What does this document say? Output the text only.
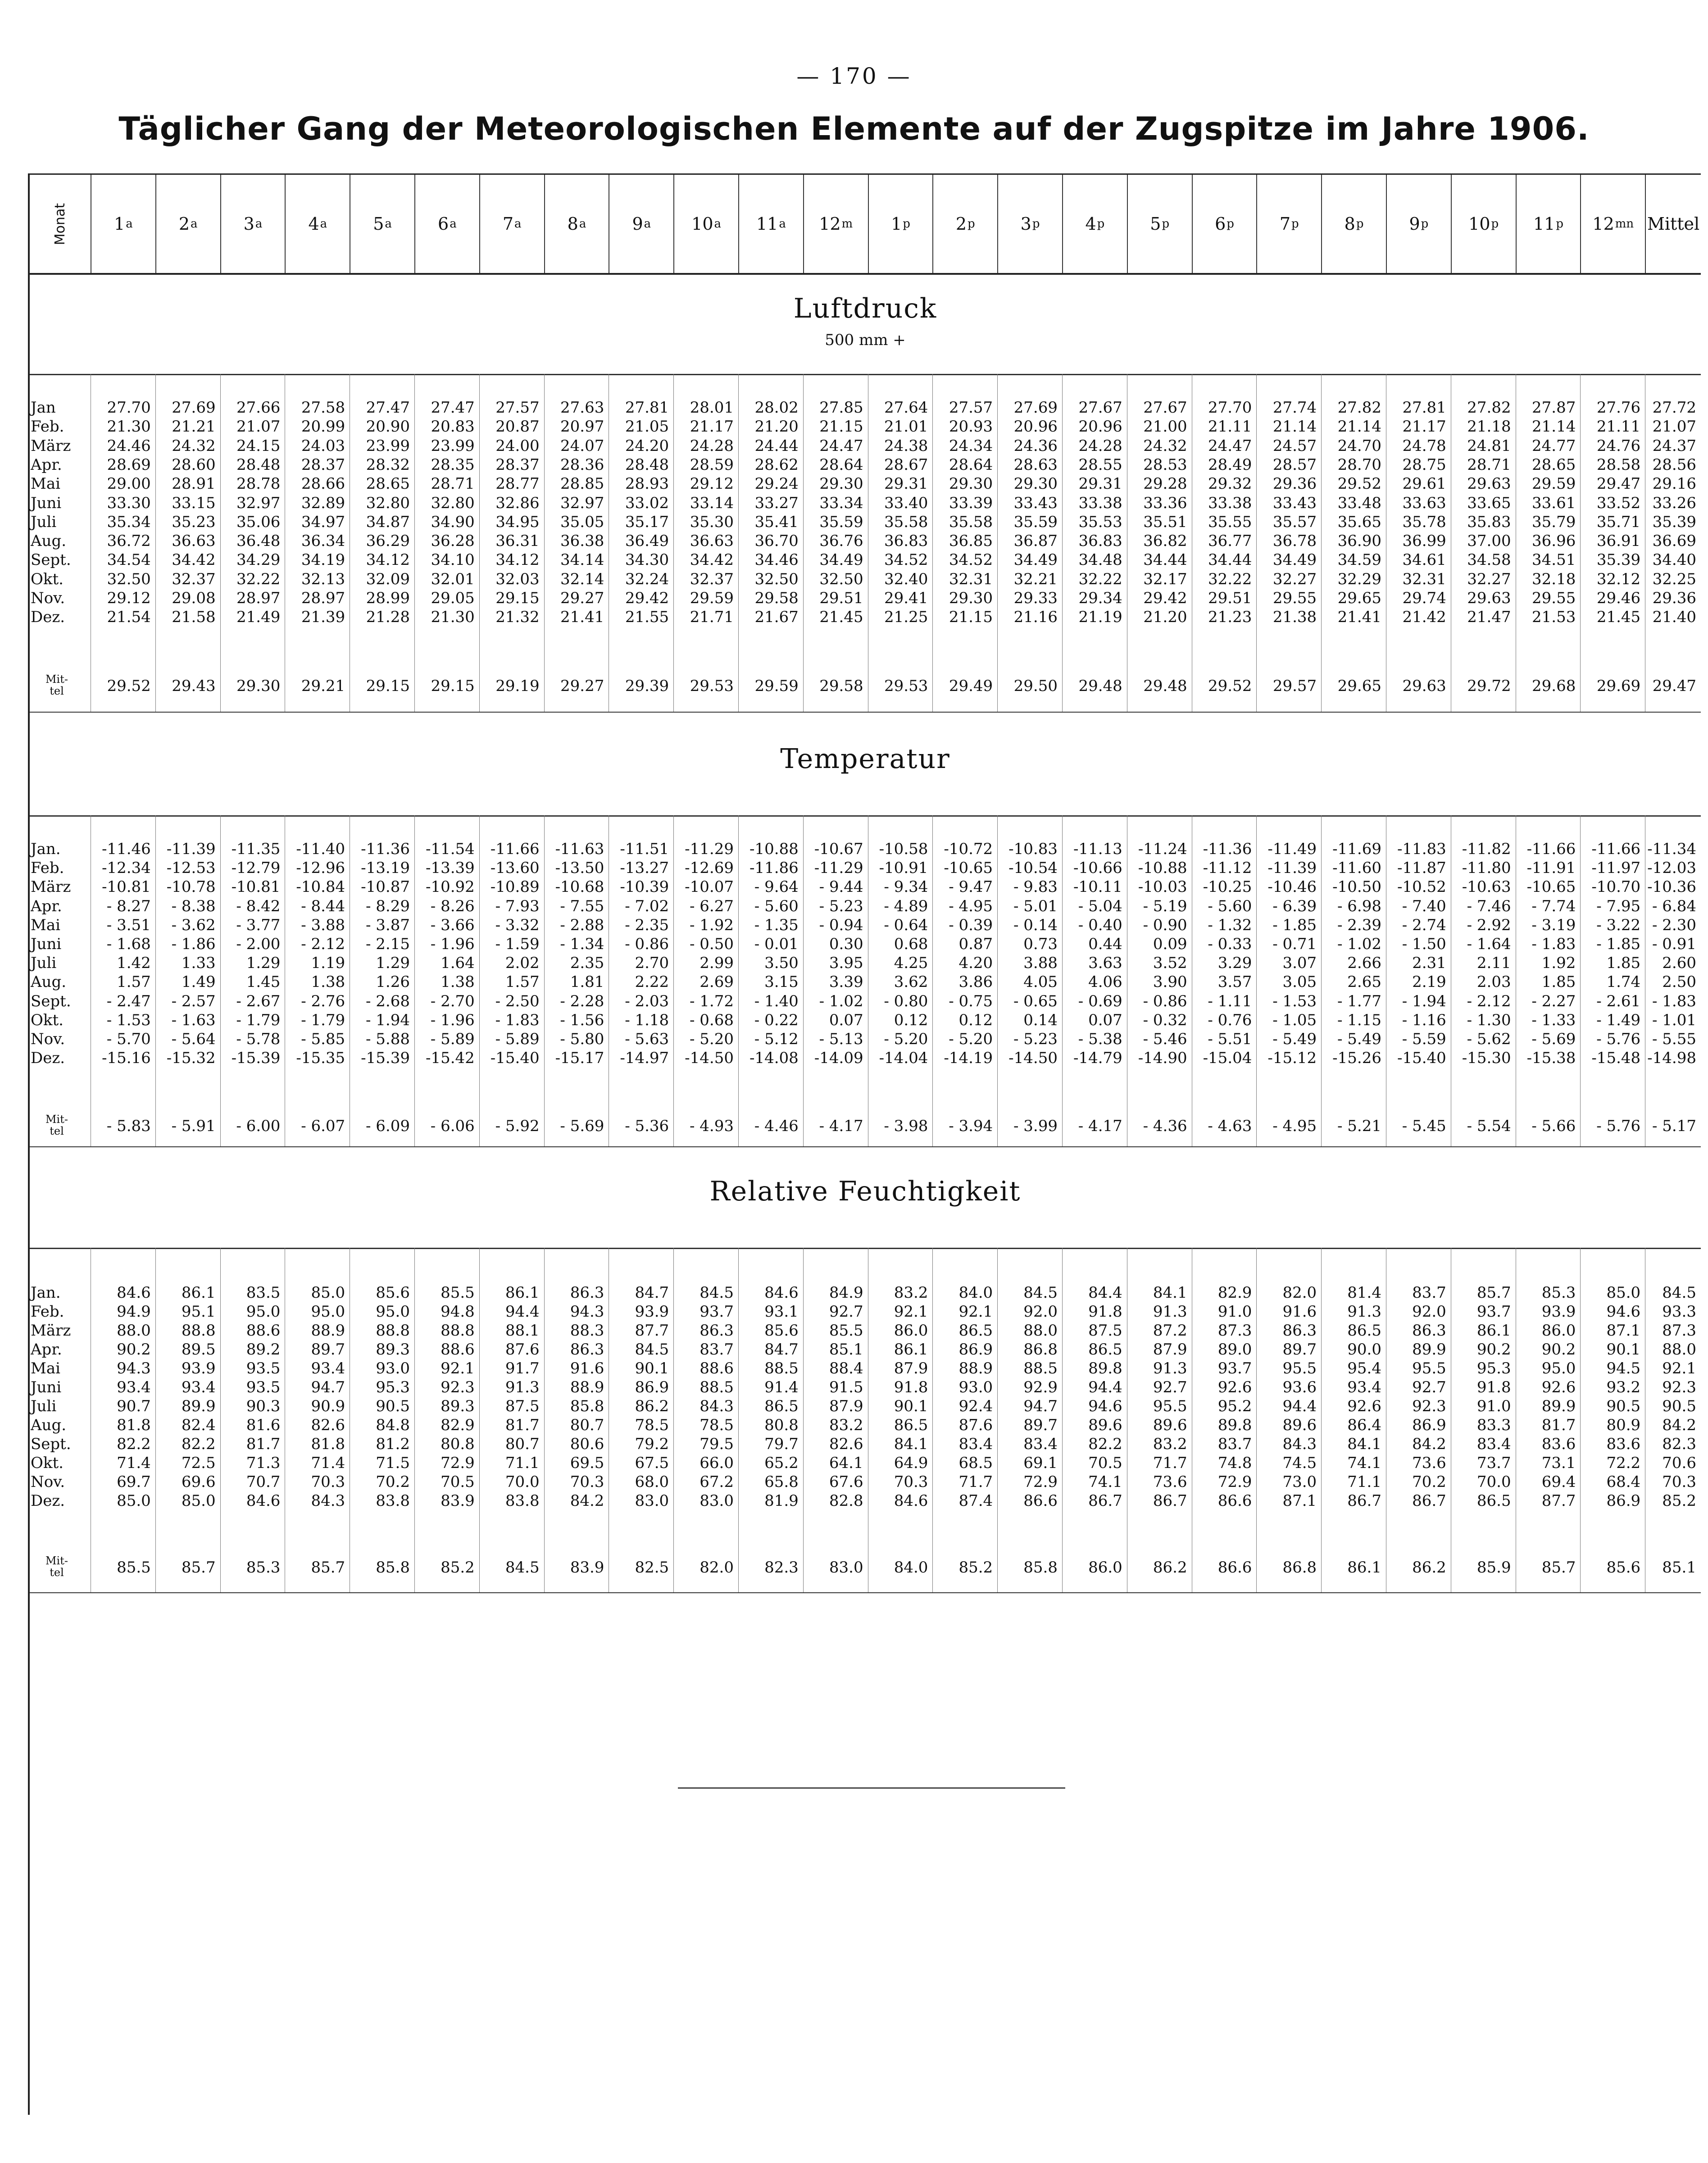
— 170 —
Täglicher Gang der Meteorologischen Elemente auf der Zugspitze im Jahre 1906.
Monat	1 a	2 a	3 a	4 a	5 a	6 a	7 a	8 a	9 a 10 a 11 a 12 m 1 p	2 p	3 p	4 p	5 p	6 p	7 p	8 p	9 p 10 p 11 p 12 mn Mittel
Luftdruck
500 mm +
Jan	27.70	27.69	27.66	27.58	27.47	27.47	27.57	27.63	27.81	28.01	28.02	27.85	27.64	27.57	27.69	27.67	27.67	27.70	27.74	27.82	27.81	27.82	27.87	27.76 27.72
Feb.	21.30	21.21	21.07	20.99	20.90	20.83	20.87	20.97	21.05	21.17	21.20	21.15	21.01	20.93	20.96	20.96	21.00	21.11	21.14	21.14	21.17	21.18	21.14	21.11 21.07
März	24.46	24.32	24.15	24.03	23.99	23.99	24.00	24.07	24.20	24.28	24.44	24.47	24.38	24.34	24.36	24.28	24.32	24.47	24.57	24.70	24.78	24.81	24.77	24.76 24.37
Apr.	28.69	28.60	28.48	28.37	28.32	28.35	28.37	28.36	28.48	28.59	28.62	28.64	28.67	28.64	28.63	28.55	28.53	28.49	28.57	28.70	28.75	28.71	28.65	28.58 28.56
Mai	29.00	28.91	28.78	28.66	28.65	28.71	28.77	28.85	28.93	29.12	29.24	29.30	29.31	29.30	29.30	29.31	29.28	29.32	29.36	29.52	29.61	29.63	29.59	29.47 29.16
Juni	33.30	33.15	32.97	32.89	32.80	32.80	32.86	32.97	33.02	33.14	33.27	33.34	33.40	33.39	33.43	33.38	33.36	33.38	33.43	33.48	33.63	33.65	33.61	33.52 33.26
Juli	35.34	35.23	35.06	34.97	34.87	34.90	34.95	35.05	35.17	35.30	35.41	35.59	35.58	35.58	35.59	35.53	35.51	35.55	35.57	35.65	35.78	35.83	35.79	35.71 35.39
Aug.	36.72	36.63	36.48	36.34	36.29	36.28	36.31	36.38	36.49	36.63	36.70	36.76	36.83	36.85	36.87	36.83	36.82	36.77	36.78	36.90	36.99	37.00	36.96	36.91 36.69
Sept.	34.54	34.42	34.29	34.19	34.12	34.10	34.12	34.14	34.30	34.42	34.46	34.49	34.52	34.52	34.49	34.48	34.44	34.44	34.49	34.59	34.61	34.58	34.51	35.39 34.40
Okt.	32.50	32.37	32.22	32.13	32.09	32.01	32.03	32.14	32.24	32.37	32.50	32.50	32.40	32.31	32.21	32.22	32.17	32.22	32.27	32.29	32.31	32.27	32.18	32.12 32.25
Nov.	29.12	29.08	28.97	28.97	28.99	29.05	29.15	29.27	29.42	29.59	29.58	29.51	29.41	29.30	29.33	29.34	29.42	29.51	29.55	29.65	29.74	29.63	29.55	29.46 29.36
Dez.	21.54	21.58	21.49	21.39	21.28	21.30	21.32	21.41	21.55	21.71	21.67	21.45	21.25	21.15	21.16	21.19	21.20	21.23	21.38	21.41	21.42	21.47	21.53	21.45 21.40
Mit-
tel	29.52	29.43	29.30	29.21	29.15	29.15	29.19	29.27	29.39	29.53	29.59	29.58	29.53	29.49	29.50	29.48	29.48	29.52	29.57	29.65	29.63	29.72	29.68	29.69 29.47
Temperatur
Jan.	-11.46	-11.39	-11.35	-11.40	-11.36	-11.54	-11.66	-11.63	-11.51	-11.29	-10.88	-10.67	-10.58	-10.72	-10.83	-11.13	-11.24	-11.36	-11.49	-11.69	-11.83	-11.82	-11.66	-11.66 -11.34
Feb.	-12.34	-12.53	-12.79	-12.96	-13.19	-13.39	-13.60	-13.50	-13.27	-12.69	-11.86	-11.29	-10.91	-10.65	-10.54	-10.66	-10.88	-11.12	-11.39	-11.60	-11.87	-11.80	-11.91	-11.97 -12.03
März	-10.81	-10.78	-10.81	-10.84	-10.87	-10.92	-10.89	-10.68	-10.39	-10.07	- 9.64	- 9.44	- 9.34	- 9.47	- 9.83	-10.11	-10.03	-10.25	-10.46	-10.50	-10.52	-10.63	-10.65	-10.70 -10.36
Apr.	- 8.27	- 8.38	- 8.42	- 8.44	- 8.29	- 8.26	- 7.93	- 7.55	- 7.02	- 6.27	- 5.60	- 5.23	- 4.89	- 4.95	- 5.01	- 5.04	- 5.19	- 5.60	- 6.39	- 6.98	- 7.40	- 7.46	- 7.74	- 7.95 - 6.84
Mai	- 3.51	- 3.62	- 3.77	- 3.88	- 3.87	- 3.66	- 3.32	- 2.88	- 2.35	- 1.92	- 1.35	- 0.94	- 0.64	- 0.39	- 0.14	- 0.40	- 0.90	- 1.32	- 1.85	- 2.39	- 2.74	- 2.92	- 3.19	- 3.22 - 2.30
Juni	- 1.68	- 1.86	- 2.00	- 2.12	- 2.15	- 1.96	- 1.59	- 1.34	- 0.86	- 0.50	- 0.01	0.30	0.68	0.87	0.73	0.44	0.09	- 0.33	- 0.71	- 1.02	- 1.50	- 1.64	- 1.83	- 1.85 - 0.91
Juli	1.42	1.33	1.29	1.19	1.29	1.64	2.02	2.35	2.70	2.99	3.50	3.95	4.25	4.20	3.88	3.63	3.52	3.29	3.07	2.66	2.31	2.11	1.92	1.85	2.60
Aug.	1.57	1.49	1.45	1.38	1.26	1.38	1.57	1.81	2.22	2.69	3.15	3.39	3.62	3.86	4.05	4.06	3.90	3.57	3.05	2.65	2.19	2.03	1.85	1.74	2.50
Sept.	- 2.47	- 2.57	- 2.67	- 2.76	- 2.68	- 2.70	- 2.50	- 2.28	- 2.03	- 1.72	- 1.40	- 1.02	- 0.80	- 0.75	- 0.65	- 0.69	- 0.86	- 1.11	- 1.53	- 1.77	- 1.94	- 2.12	- 2.27	- 2.61 - 1.83
Okt.	- 1.53	- 1.63	- 1.79	- 1.79	- 1.94	- 1.96	- 1.83	- 1.56	- 1.18	- 0.68	- 0.22	0.07	0.12	0.12	0.14	0.07	- 0.32	- 0.76	- 1.05	- 1.15	- 1.16	- 1.30	- 1.33	- 1.49 - 1.01
Nov.	- 5.70	- 5.64	- 5.78	- 5.85	- 5.88	- 5.89	- 5.89	- 5.80	- 5.63	- 5.20	- 5.12	- 5.13	- 5.20	- 5.20	- 5.23	- 5.38	- 5.46	- 5.51	- 5.49	- 5.49	- 5.59	- 5.62	- 5.69	- 5.76 - 5.55
Dez.	-15.16	-15.32	-15.39	-15.35	-15.39	-15.42	-15.40	-15.17	-14.97	-14.50	-14.08	-14.09	-14.04	-14.19	-14.50	-14.79	-14.90	-15.04	-15.12	-15.26	-15.40	-15.30	-15.38	-15.48 -14.98
Mit-
tel	- 5.83	- 5.91	- 6.00	- 6.07	- 6.09	- 6.06	- 5.92	- 5.69	- 5.36	- 4.93	- 4.46	- 4.17	- 3.98	- 3.94	- 3.99	- 4.17	- 4.36	- 4.63	- 4.95	- 5.21	- 5.45	- 5.54	- 5.66	- 5.76 - 5.17
Relative Feuchtigkeit
Jan.	84.6	86.1	83.5	85.0	85.6	85.5	86.1	86.3	84.7	84.5	84.6	84.9	83.2	84.0	84.5	84.4	84.1	82.9	82.0	81.4	83.7	85.7	85.3	85.0	84.5
Feb.	94.9	95.1	95.0	95.0	95.0	94.8	94.4	94.3	93.9	93.7	93.1	92.7	92.1	92.1	92.0	91.8	91.3	91.0	91.6	91.3	92.0	93.7	93.9	94.6	93.3
März	88.0	88.8	88.6	88.9	88.8	88.8	88.1	88.3	87.7	86.3	85.6	85.5	86.0	86.5	88.0	87.5	87.2	87.3	86.3	86.5	86.3	86.1	86.0	87.1	87.3
Apr.	90.2	89.5	89.2	89.7	89.3	88.6	87.6	86.3	84.5	83.7	84.7	85.1	86.1	86.9	86.8	86.5	87.9	89.0	89.7	90.0	89.9	90.2	90.2	90.1	88.0
Mai	94.3	93.9	93.5	93.4	93.0	92.1	91.7	91.6	90.1	88.6	88.5	88.4	87.9	88.9	88.5	89.8	91.3	93.7	95.5	95.4	95.5	95.3	95.0	94.5	92.1
Juni	93.4	93.4	93.5	94.7	95.3	92.3	91.3	88.9	86.9	88.5	91.4	91.5	91.8	93.0	92.9	94.4	92.7	92.6	93.6	93.4	92.7	91.8	92.6	93.2	92.3
Juli	90.7	89.9	90.3	90.9	90.5	89.3	87.5	85.8	86.2	84.3	86.5	87.9	90.1	92.4	94.7	94.6	95.5	95.2	94.4	92.6	92.3	91.0	89.9	90.5	90.5
Aug.	81.8	82.4	81.6	82.6	84.8	82.9	81.7	80.7	78.5	78.5	80.8	83.2	86.5	87.6	89.7	89.6	89.6	89.8	89.6	86.4	86.9	83.3	81.7	80.9	84.2
Sept.	82.2	82.2	81.7	81.8	81.2	80.8	80.7	80.6	79.2	79.5	79.7	82.6	84.1	83.4	83.4	82.2	83.2	83.7	84.3	84.1	84.2	83.4	83.6	83.6	82.3
Okt.	71.4	72.5	71.3	71.4	71.5	72.9	71.1	69.5	67.5	66.0	65.2	64.1	64.9	68.5	69.1	70.5	71.7	74.8	74.5	74.1	73.6	73.7	73.1	72.2	70.6
Nov.	69.7	69.6	70.7	70.3	70.2	70.5	70.0	70.3	68.0	67.2	65.8	67.6	70.3	71.7	72.9	74.1	73.6	72.9	73.0	71.1	70.2	70.0	69.4	68.4	70.3
Dez.	85.0	85.0	84.6	84.3	83.8	83.9	83.8	84.2	83.0	83.0	81.9	82.8	84.6	87.4	86.6	86.7	86.7	86.6	87.1	86.7	86.7	86.5	87.7	86.9	85.2
Mit-
tel	85.5	85.7	85.3	85.7	85.8	85.2	84.5	83.9	82.5	82.0	82.3	83.0	84.0	85.2	85.8	86.0	86.2	86.6	86.8	86.1	86.2	85.9	85.7	85.6	85.1
